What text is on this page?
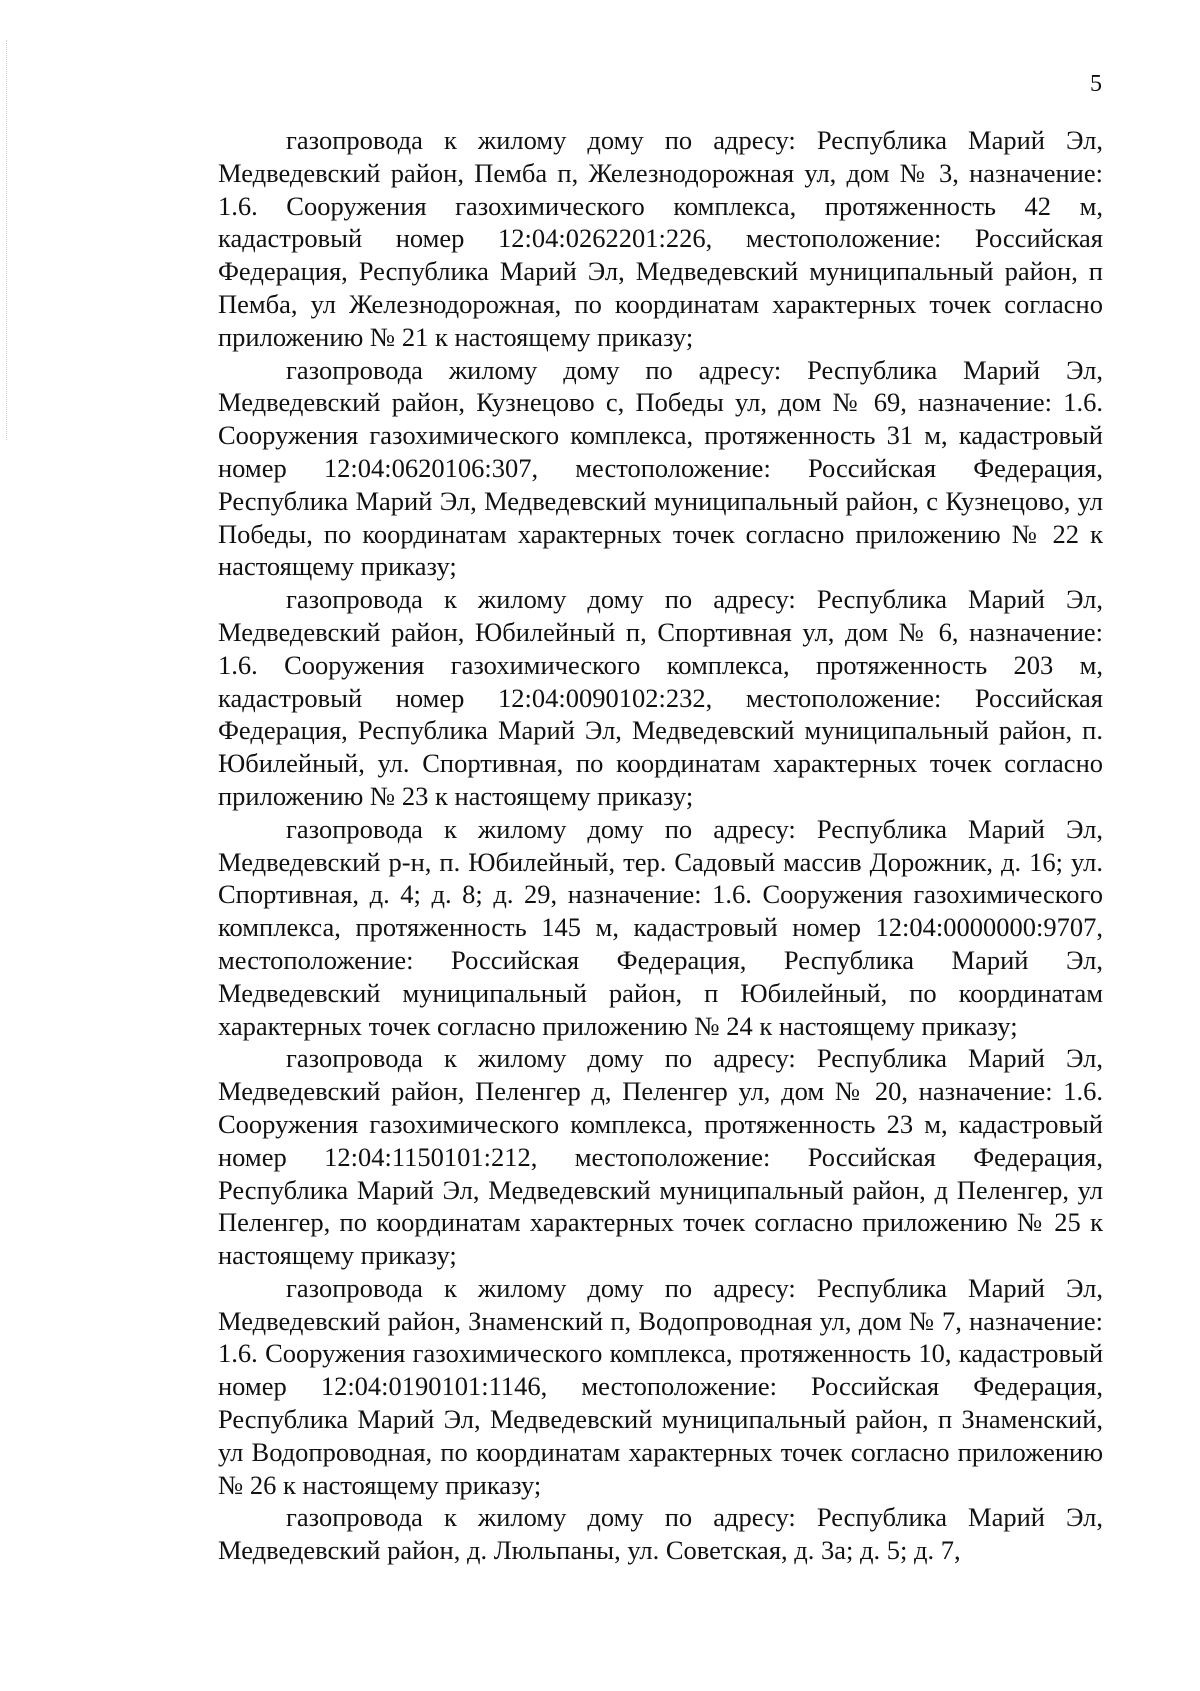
5

газопровода к жилому дому по адресу: Республика Марий Эл, Медведевский район, Пемба п, Железнодорожная ул, дом № 3, назначение: 1.6. Сооружения газохимического комплекса, протяженность 42 м, кадастровый номер 12:04:0262201:226, местоположение: Российская Федерация, Республика Марий Эл, Медведевский муниципальный район, п Пемба, ул Железнодорожная, по координатам характерных точек согласно приложению № 21 к настоящему приказу;

газопровода жилому дому по адресу: Республика Марий Эл, Медведевский район, Кузнецово с, Победы ул, дом № 69, назначение: 1.6. Сооружения газохимического комплекса, протяженность 31 м, кадастровый номер 12:04:0620106:307, местоположение: Российская Федерация, Республика Марий Эл, Медведевский муниципальный район, с Кузнецово, ул Победы, по координатам характерных точек согласно приложению № 22 к настоящему приказу;

газопровода к жилому дому по адресу: Республика Марий Эл, Медведевский район, Юбилейный п, Спортивная ул, дом № 6, назначение: 1.6. Сооружения газохимического комплекса, протяженность 203 м, кадастровый номер 12:04:0090102:232, местоположение: Российская Федерация, Республика Марий Эл, Медведевский муниципальный район, п. Юбилейный, ул. Спортивная, по координатам характерных точек согласно приложению № 23 к настоящему приказу;

газопровода к жилому дому по адресу: Республика Марий Эл, Медведевский р-н, п. Юбилейный, тер. Садовый массив Дорожник, д. 16; ул. Спортивная, д. 4; д. 8; д. 29, назначение: 1.6. Сооружения газохимического комплекса, протяженность 145 м, кадастровый номер 12:04:0000000:9707, местоположение: Российская Федерация, Республика Марий Эл, Медведевский муниципальный район, п Юбилейный, по координатам характерных точек согласно приложению № 24 к настоящему приказу;

газопровода к жилому дому по адресу: Республика Марий Эл, Медведевский район, Пеленгер д, Пеленгер ул, дом № 20, назначение: 1.6. Сооружения газохимического комплекса, протяженность 23 м, кадастровый номер 12:04:1150101:212, местоположение: Российская Федерация, Республика Марий Эл, Медведевский муниципальный район, д Пеленгер, ул Пеленгер, по координатам характерных точек согласно приложению № 25 к настоящему приказу;

газопровода к жилому дому по адресу: Республика Марий Эл, Медведевский район, Знаменский п, Водопроводная ул, дом № 7, назначение: 1.6. Сооружения газохимического комплекса, протяженность 10, кадастровый номер 12:04:0190101:1146, местоположение: Российская Федерация, Республика Марий Эл, Медведевский муниципальный район, п Знаменский, ул Водопроводная, по координатам характерных точек согласно приложению № 26 к настоящему приказу;

газопровода к жилому дому по адресу: Республика Марий Эл, Медведевский район, д. Люльпаны, ул. Советская, д. 3а; д. 5; д. 7,
